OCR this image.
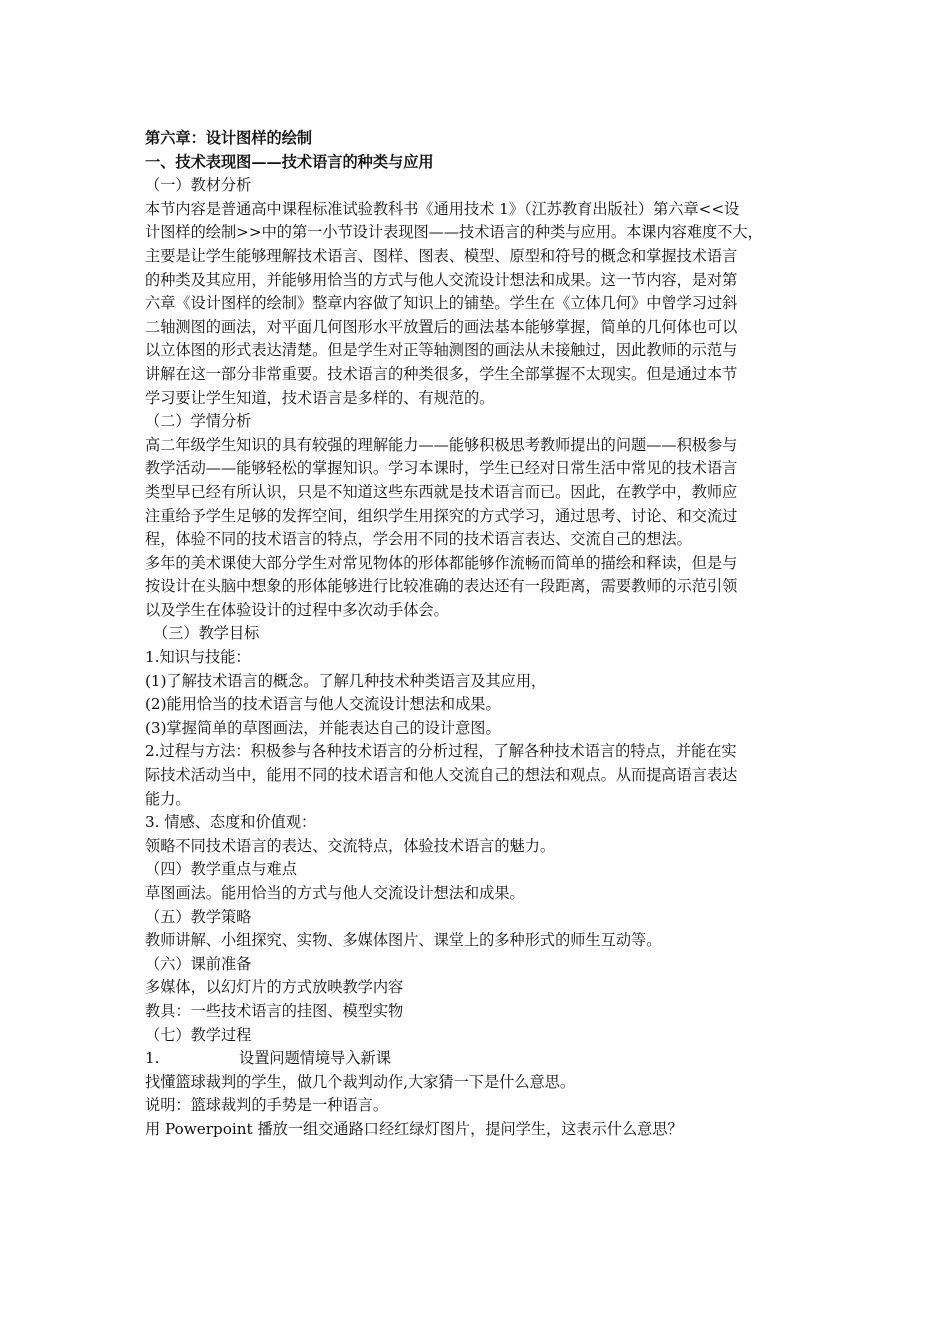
第六章：设计图样的绘制
一、技术表现图——技术语言的种类与应用
（一）教材分析
本节内容是普通高中课程标准试验教科书《通用技术 1》（江苏教育出版社）第六章<<设
计图样的绘制>>中的第一小节设计表现图——技术语言的种类与应用。本课内容难度不大，
主要是让学生能够理解技术语言、图样、图表、模型、原型和符号的概念和掌握技术语言
的种类及其应用，并能够用恰当的方式与他人交流设计想法和成果。这一节内容，是对第
六章《设计图样的绘制》整章内容做了知识上的铺垫。学生在《立体几何》中曾学习过斜
二轴测图的画法，对平面几何图形水平放置后的画法基本能够掌握，简单的几何体也可以
以立体图的形式表达清楚。但是学生对正等轴测图的画法从未接触过，因此教师的示范与
讲解在这一部分非常重要。技术语言的种类很多，学生全部掌握不太现实。但是通过本节
学习要让学生知道，技术语言是多样的、有规范的。
（二）学情分析
高二年级学生知识的具有较强的理解能力——能够积极思考教师提出的问题——积极参与
教学活动——能够轻松的掌握知识。学习本课时，学生已经对日常生活中常见的技术语言
类型早已经有所认识，只是不知道这些东西就是技术语言而已。因此，在教学中，教师应
注重给予学生足够的发挥空间，组织学生用探究的方式学习，通过思考、讨论、和交流过
程，体验不同的技术语言的特点，学会用不同的技术语言表达、交流自己的想法。
多年的美术课使大部分学生对常见物体的形体都能够作流畅而简单的描绘和释读，但是与
按设计在头脑中想象的形体能够进行比较准确的表达还有一段距离，需要教师的示范引领
以及学生在体验设计的过程中多次动手体会。
（三）教学目标
1.知识与技能：
(1)了解技术语言的概念。了解几种技术种类语言及其应用，
(2)能用恰当的技术语言与他人交流设计想法和成果。
(3)掌握简单的草图画法，并能表达自己的设计意图。
2.过程与方法：积极参与各种技术语言的分析过程，了解各种技术语言的特点，并能在实
际技术活动当中，能用不同的技术语言和他人交流自己的想法和观点。从而提高语言表达
能力。
3. 情感、态度和价值观：
领略不同技术语言的表达、交流特点，体验技术语言的魅力。
（四）教学重点与难点
草图画法。能用恰当的方式与他人交流设计想法和成果。
（五）教学策略
教师讲解、小组探究、实物、多媒体图片、课堂上的多种形式的师生互动等。
（六）课前准备
多媒体，以幻灯片的方式放映教学内容
教具：一些技术语言的挂图、模型实物
（七）教学过程
1.	设置问题情境导入新课
找懂篮球裁判的学生，做几个裁判动作,大家猜一下是什么意思。
说明：篮球裁判的手势是一种语言。
用 Powerpoint 播放一组交通路口经红绿灯图片，提问学生，这表示什么意思？
